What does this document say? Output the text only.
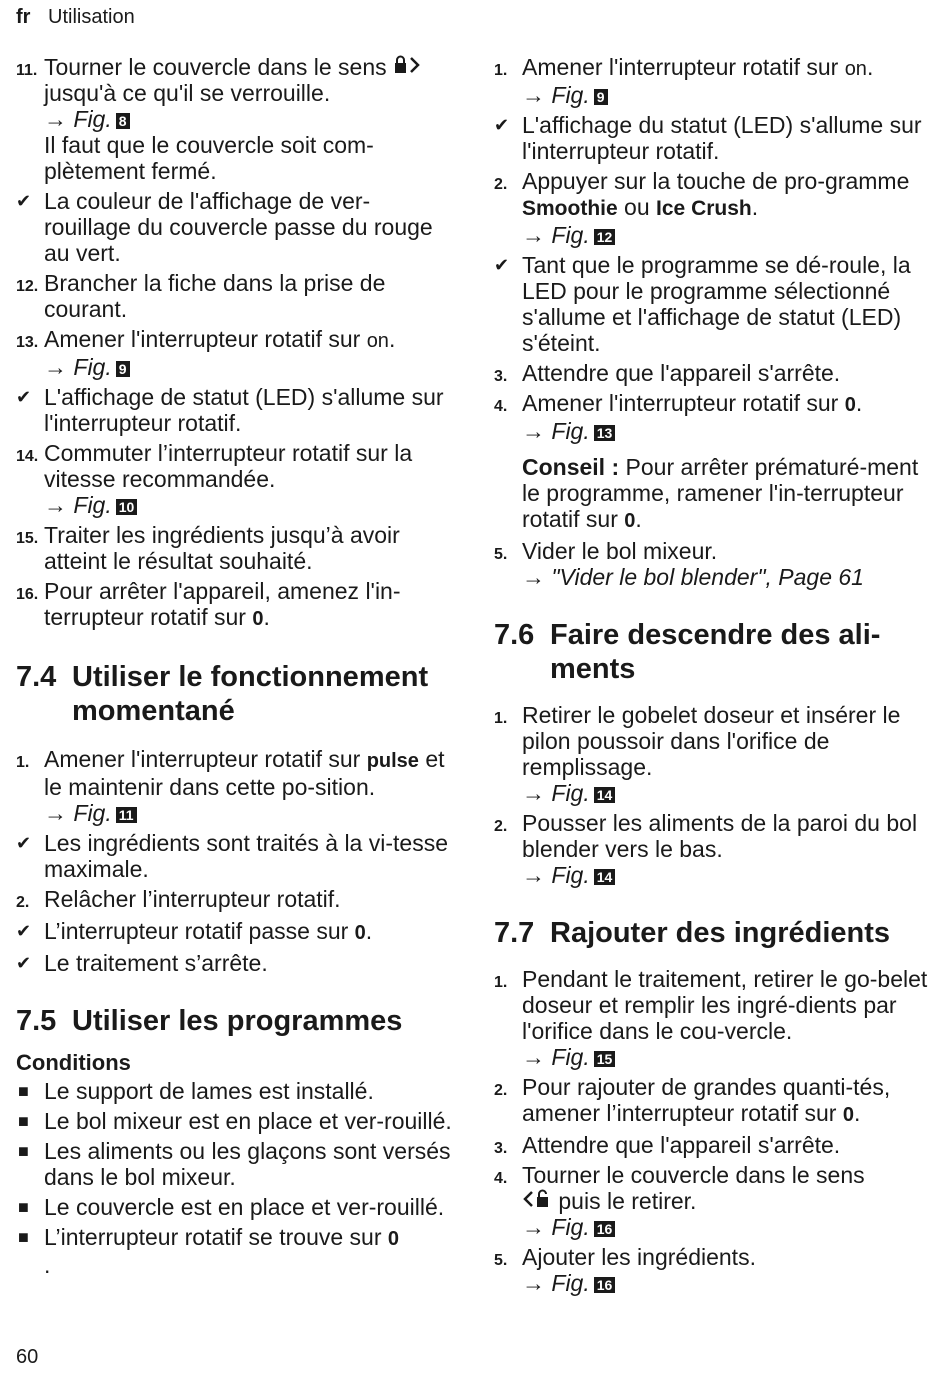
fr Utilisation
11. Tourner le couvercle dans le sens  jusqu'à ce qu'il se verrouille.
→ Fig. 8
Il faut que le couvercle soit com-plètement fermé.
✔ La couleur de l'affichage de ver-rouillage du couvercle passe du rouge au vert.
12. Brancher la fiche dans la prise de courant.
13. Amener l'interrupteur rotatif sur on.
→ Fig. 9
✔ L'affichage de statut (LED) s'allume sur l'interrupteur rotatif.
14. Commuter l’interrupteur rotatif sur la vitesse recommandée.
→ Fig. 10
15. Traiter les ingrédients jusqu’à avoir atteint le résultat souhaité.
16. Pour arrêter l'appareil, amenez l'in-terrupteur rotatif sur 0.
7.4 Utiliser le fonctionnement momentané
1. Amener l'interrupteur rotatif sur pulse et le maintenir dans cette po-sition.
→ Fig. 11
✔ Les ingrédients sont traités à la vi-tesse maximale.
2. Relâcher l’interrupteur rotatif.
✔ L’interrupteur rotatif passe sur 0.
✔ Le traitement s’arrête.
7.5 Utiliser les programmes
Conditions
■ Le support de lames est installé.
■ Le bol mixeur est en place et ver-rouillé.
■ Les aliments ou les glaçons sont versés dans le bol mixeur.
■ Le couvercle est en place et ver-rouillé.
■ L’interrupteur rotatif se trouve sur 0
.
1. Amener l'interrupteur rotatif sur on.
→ Fig. 9
✔ L'affichage du statut (LED) s'allume sur l'interrupteur rotatif.
2. Appuyer sur la touche de pro-gramme Smoothie ou Ice Crush.
→ Fig. 12
✔ Tant que le programme se dé-roule, la LED pour le programme sélectionné s'allume et l'affichage de statut (LED) s'éteint.
3. Attendre que l'appareil s'arrête.
4. Amener l'interrupteur rotatif sur 0.
→ Fig. 13
Conseil : Pour arrêter prématuré-ment le programme, ramener l'in-terrupteur rotatif sur 0.
5. Vider le bol mixeur.
→ "Vider le bol blender", Page 61
7.6 Faire descendre des ali-ments
1. Retirer le gobelet doseur et insérer le pilon poussoir dans l'orifice de remplissage.
→ Fig. 14
2. Pousser les aliments de la paroi du bol blender vers le bas.
→ Fig. 14
7.7 Rajouter des ingrédients
1. Pendant le traitement, retirer le go-belet doseur et remplir les ingré-dients par l'orifice dans le cou-vercle.
→ Fig. 15
2. Pour rajouter de grandes quanti-tés, amener l’interrupteur rotatif sur 0.
3. Attendre que l'appareil s'arrête.
4. Tourner le couvercle dans le sens
puis le retirer.
→ Fig. 16
5. Ajouter les ingrédients.
→ Fig. 16
60
